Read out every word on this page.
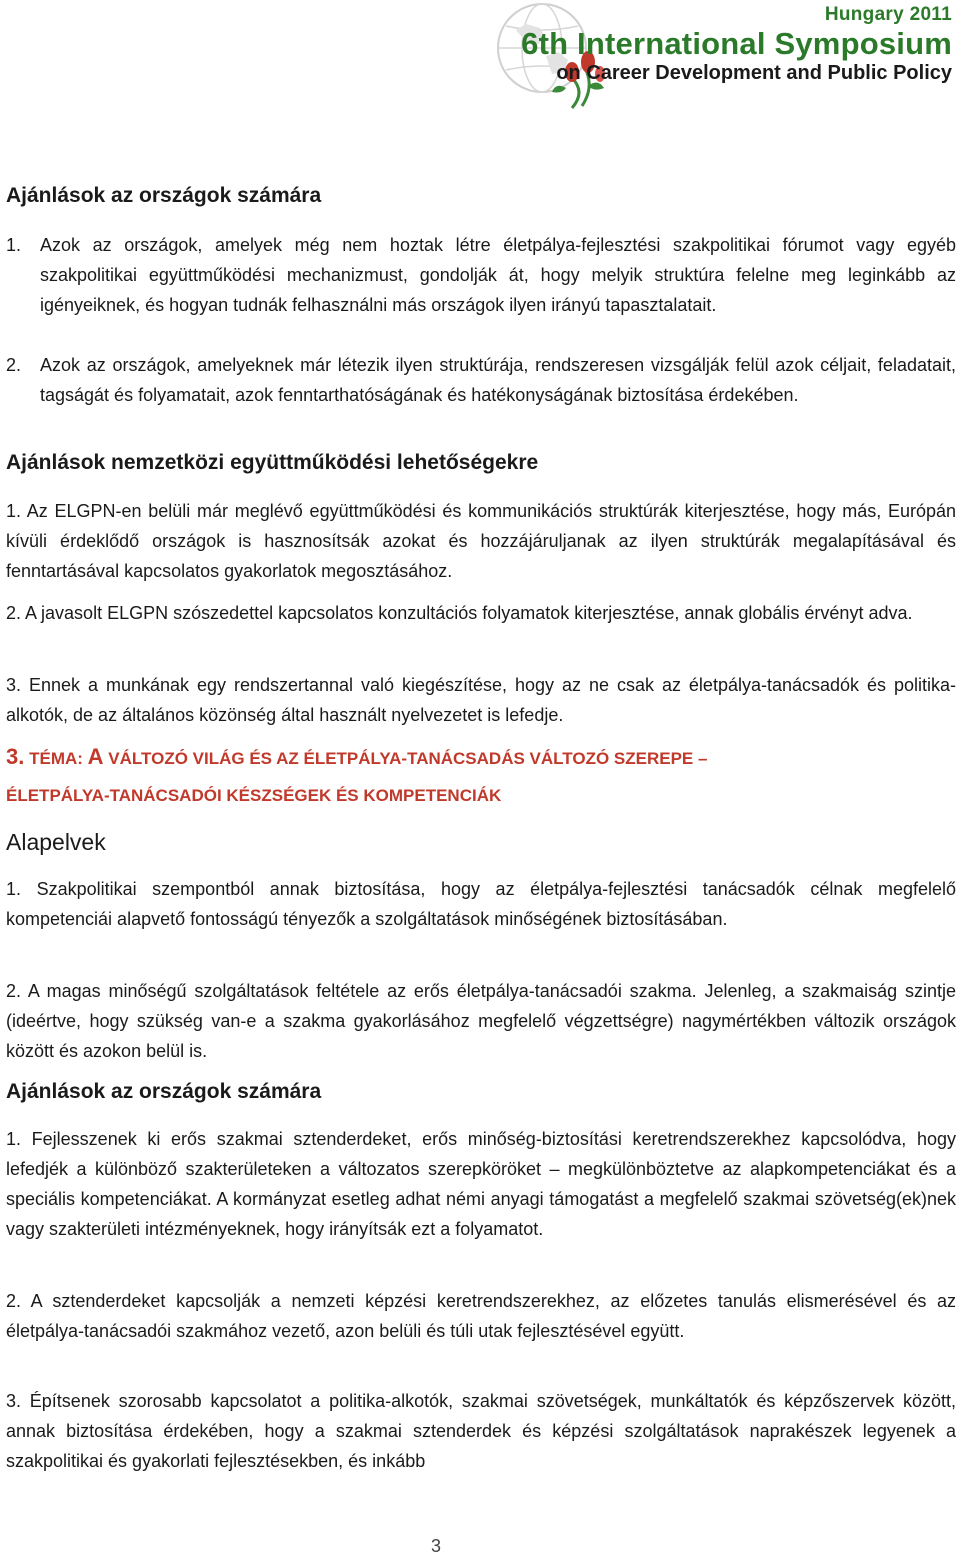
Hungary 2011
6th International Symposium
on Career Development and Public Policy
Ajánlások az országok számára
1. Azok az országok, amelyek még nem hoztak létre életpálya-fejlesztési szakpolitikai fórumot vagy egyéb szakpolitikai együttműködési mechanizmust, gondolják át, hogy melyik struktúra felelne meg leginkább az igényeiknek, és hogyan tudnák felhasználni más országok ilyen irányú tapasztalatait.
2. Azok az országok, amelyeknek már létezik ilyen struktúrája, rendszeresen vizsgálják felül azok céljait, feladatait, tagságát és folyamatait, azok fenntarthatóságának és hatékonyságának biztosítása érdekében.
Ajánlások nemzetközi együttműködési lehetőségekre

1. Az ELGPN-en belüli már meglévő együttműködési és kommunikációs struktúrák kiterjesztése, hogy más, Európán kívüli érdeklődő országok is hasznosítsák azokat és hozzájáruljanak az ilyen struktúrák megalapításával és fenntartásával kapcsolatos gyakorlatok megosztásához.

2. A javasolt ELGPN szószedettel kapcsolatos konzultációs folyamatok kiterjesztése, annak globális érvényt adva.

3. Ennek a munkának egy rendszertannal való kiegészítése, hogy az ne csak az életpálya-tanácsadók és politika-alkotók, de az általános közönség által használt nyelvezetet is lefedje.

3. TÉMA: A VÁLTOZÓ VILÁG ÉS AZ ÉLETPÁLYA-TANÁCSADÁS VÁLTOZÓ SZEREPE –
ÉLETPÁLYA-TANÁCSADÓI KÉSZSÉGEK ÉS KOMPETENCIÁK
Alapelvek

1. Szakpolitikai szempontból annak biztosítása, hogy az életpálya-fejlesztési tanácsadók célnak megfelelő kompetenciái alapvető fontosságú tényezők a szolgáltatások minőségének biztosításában.

2. A magas minőségű szolgáltatások feltétele az erős életpálya-tanácsadói szakma. Jelenleg, a szakmaiság szintje (ideértve, hogy szükség van-e a szakma gyakorlásához megfelelő végzettségre) nagymértékben változik országok között és azokon belül is.

Ajánlások az országok számára

1. Fejlesszenek ki erős szakmai sztenderdeket, erős minőség-biztosítási keretrendszerekhez kapcsolódva, hogy lefedjék a különböző szakterületeken a változatos szerepköröket – megkülönböztetve az alapkompetenciákat és a speciális kompetenciákat. A kormányzat esetleg adhat némi anyagi támogatást a megfelelő szakmai szövetség(ek)nek vagy szakterületi intézményeknek, hogy irányítsák ezt a folyamatot.

2. A sztenderdeket kapcsolják a nemzeti képzési keretrendszerekhez, az előzetes tanulás elismerésével és az életpálya-tanácsadói szakmához vezető, azon belüli és túli utak fejlesztésével együtt.

3. Építsenek szorosabb kapcsolatot a politika-alkotók, szakmai szövetségek, munkáltatók és képzőszervek között, annak biztosítása érdekében, hogy a szakmai sztenderdek és képzési szolgáltatások naprakészek legyenek a szakpolitikai és gyakorlati fejlesztésekben, és inkább

3
